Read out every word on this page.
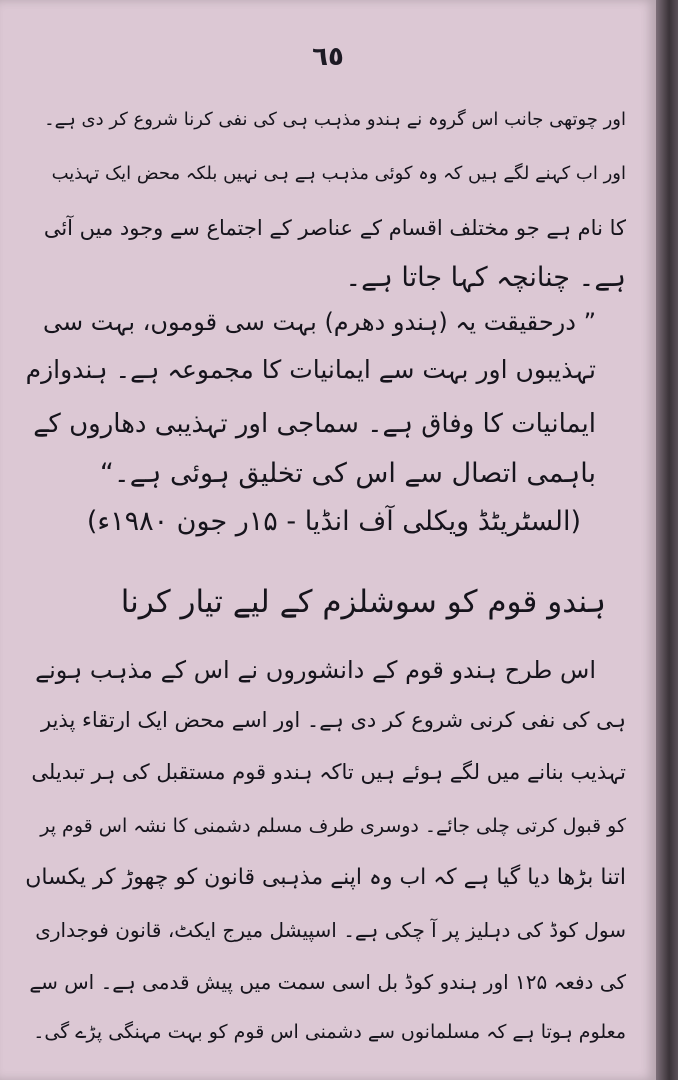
٦٥
اور چوتھی جانب اس گروہ نے ہندو مذہب ہی کی نفی کرنا شروع کر دی ہے۔
اور اب کہنے لگے ہیں کہ وہ کوئی مذہب ہے ہی نہیں بلکہ محض ایک تہذیب
کا نام ہے جو مختلف اقسام کے عناصر کے اجتماع سے وجود میں آئی
ہے۔ چنانچہ کہا جاتا ہے۔
” درحقیقت یہ (ہندو دھرم) بہت سی قوموں، بہت سی
تہذیبوں اور بہت سے ایمانیات کا مجموعہ ہے۔ ہندوازم
ایمانیات کا وفاق ہے۔ سماجی اور تہذیبی دھاروں کے
باہمی اتصال سے اس کی تخلیق ہوئی ہے۔“
(السٹریٹڈ ویکلی آف انڈیا - ۱۵ر جون ۱۹۸۰ء)
ہندو قوم کو سوشلزم کے لیے تیار کرنا
اس طرح ہندو قوم کے دانشوروں نے اس کے مذہب ہونے
ہی کی نفی کرنی شروع کر دی ہے۔ اور اسے محض ایک ارتقاء پذیر
تہذیب بنانے میں لگے ہوئے ہیں تاکہ ہندو قوم مستقبل کی ہر تبدیلی
کو قبول کرتی چلی جائے۔ دوسری طرف مسلم دشمنی کا نشہ اس قوم پر
اتنا بڑھا دیا گیا ہے کہ اب وہ اپنے مذہبی قانون کو چھوڑ کر یکساں
سول کوڈ کی دہلیز پر آ چکی ہے۔ اسپیشل میرج ایکٹ، قانون فوجداری
کی دفعہ ۱۲۵ اور ہندو کوڈ بل اسی سمت میں پیش قدمی ہے۔ اس سے
معلوم ہوتا ہے کہ مسلمانوں سے دشمنی اس قوم کو بہت مہنگی پڑے گی۔
